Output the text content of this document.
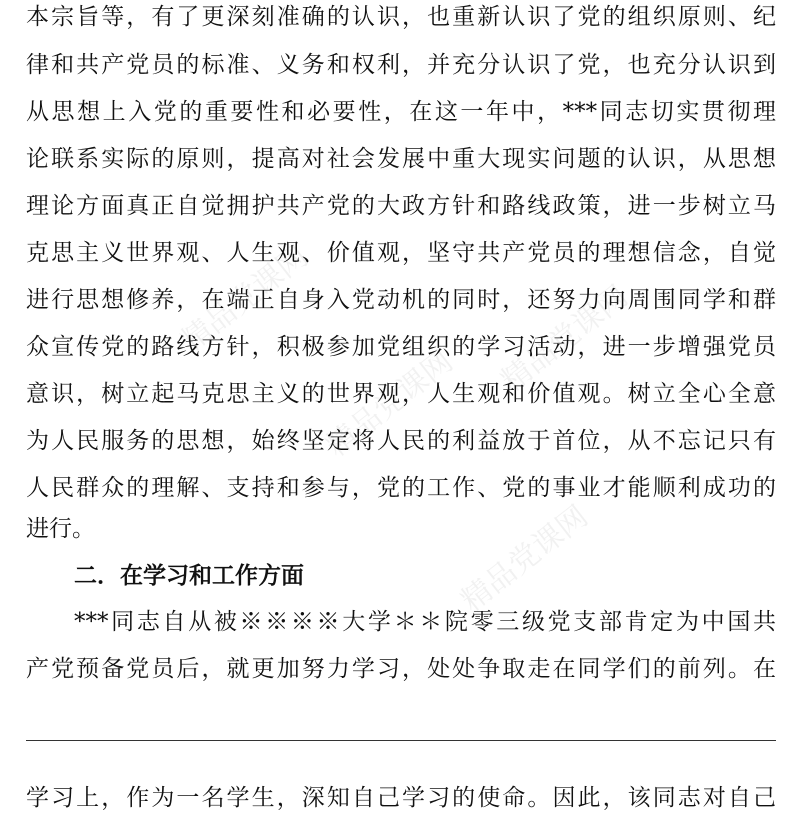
精品党课网
精品党课网
精品党课网
精品党课网
本宗旨等，有了更深刻准确的认识，也重新认识了党的组织原则、纪
律和共产党员的标准、义务和权利，并充分认识了党，也充分认识到
从思想上入党的重要性和必要性，在这一年中，***同志切实贯彻理
论联系实际的原则，提高对社会发展中重大现实问题的认识，从思想
理论方面真正自觉拥护共产党的大政方针和路线政策，进一步树立马
克思主义世界观、人生观、价值观，坚守共产党员的理想信念，自觉
进行思想修养，在端正自身入党动机的同时，还努力向周围同学和群
众宣传党的路线方针，积极参加党组织的学习活动，进一步增强党员
意识，树立起马克思主义的世界观，人生观和价值观。树立全心全意
为人民服务的思想，始终坚定将人民的利益放于首位，从不忘记只有
人民群众的理解、支持和参与，党的工作、党的事业才能顺利成功的
进行。
二．在学习和工作方面
***同志自从被※※※※大学＊＊院零三级党支部肯定为中国共
产党预备党员后，就更加努力学习，处处争取走在同学们的前列。在
学习上，作为一名学生，深知自己学习的使命。因此，该同志对自己
